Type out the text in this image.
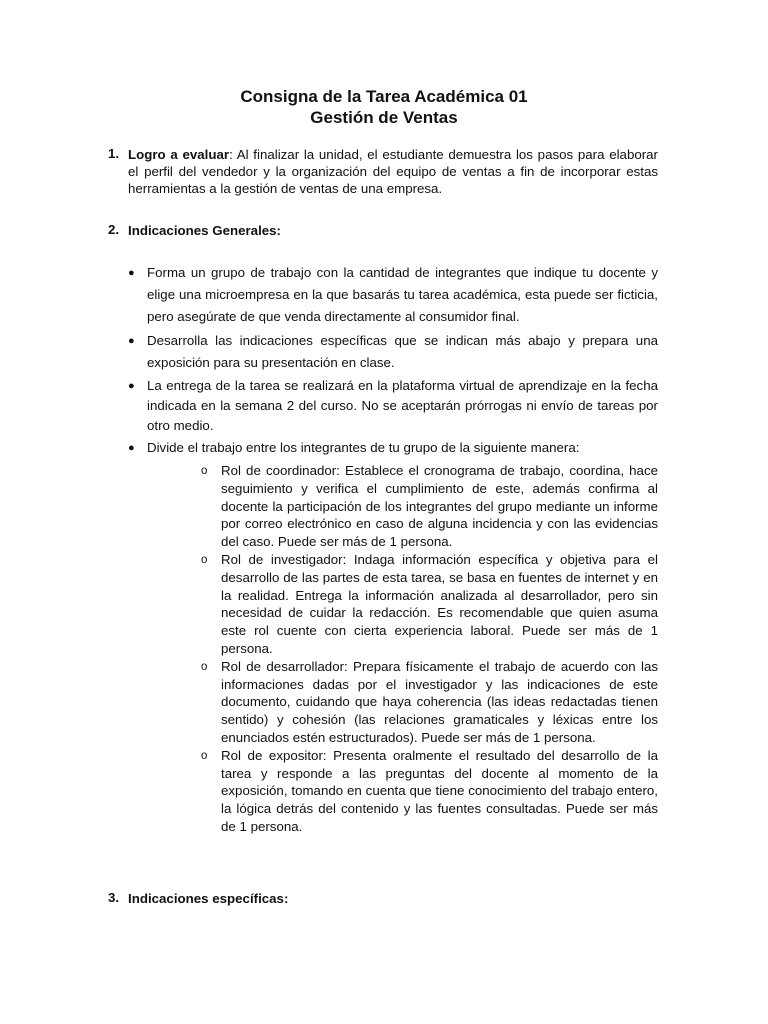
Consigna de la Tarea Académica 01
Gestión de Ventas
1. Logro a evaluar: Al finalizar la unidad, el estudiante demuestra los pasos para elaborar el perfil del vendedor y la organización del equipo de ventas a fin de incorporar estas herramientas a la gestión de ventas de una empresa.
2. Indicaciones Generales:
● Forma un grupo de trabajo con la cantidad de integrantes que indique tu docente y elige una microempresa en la que basarás tu tarea académica, esta puede ser ficticia, pero asegúrate de que venda directamente al consumidor final.
● Desarrolla las indicaciones específicas que se indican más abajo y prepara una exposición para su presentación en clase.
● La entrega de la tarea se realizará en la plataforma virtual de aprendizaje en la fecha indicada en la semana 2 del curso. No se aceptarán prórrogas ni envío de tareas por otro medio.
● Divide el trabajo entre los integrantes de tu grupo de la siguiente manera:
o Rol de coordinador: Establece el cronograma de trabajo, coordina, hace seguimiento y verifica el cumplimiento de este, además confirma al docente la participación de los integrantes del grupo mediante un informe por correo electrónico en caso de alguna incidencia y con las evidencias del caso. Puede ser más de 1 persona.
o Rol de investigador: Indaga información específica y objetiva para el desarrollo de las partes de esta tarea, se basa en fuentes de internet y en la realidad. Entrega la información analizada al desarrollador, pero sin necesidad de cuidar la redacción. Es recomendable que quien asuma este rol cuente con cierta experiencia laboral. Puede ser más de 1 persona.
o Rol de desarrollador: Prepara físicamente el trabajo de acuerdo con las informaciones dadas por el investigador y las indicaciones de este documento, cuidando que haya coherencia (las ideas redactadas tienen sentido) y cohesión (las relaciones gramaticales y léxicas entre los enunciados estén estructurados). Puede ser más de 1 persona.
o Rol de expositor: Presenta oralmente el resultado del desarrollo de la tarea y responde a las preguntas del docente al momento de la exposición, tomando en cuenta que tiene conocimiento del trabajo entero, la lógica detrás del contenido y las fuentes consultadas. Puede ser más de 1 persona.
3. Indicaciones específicas:
